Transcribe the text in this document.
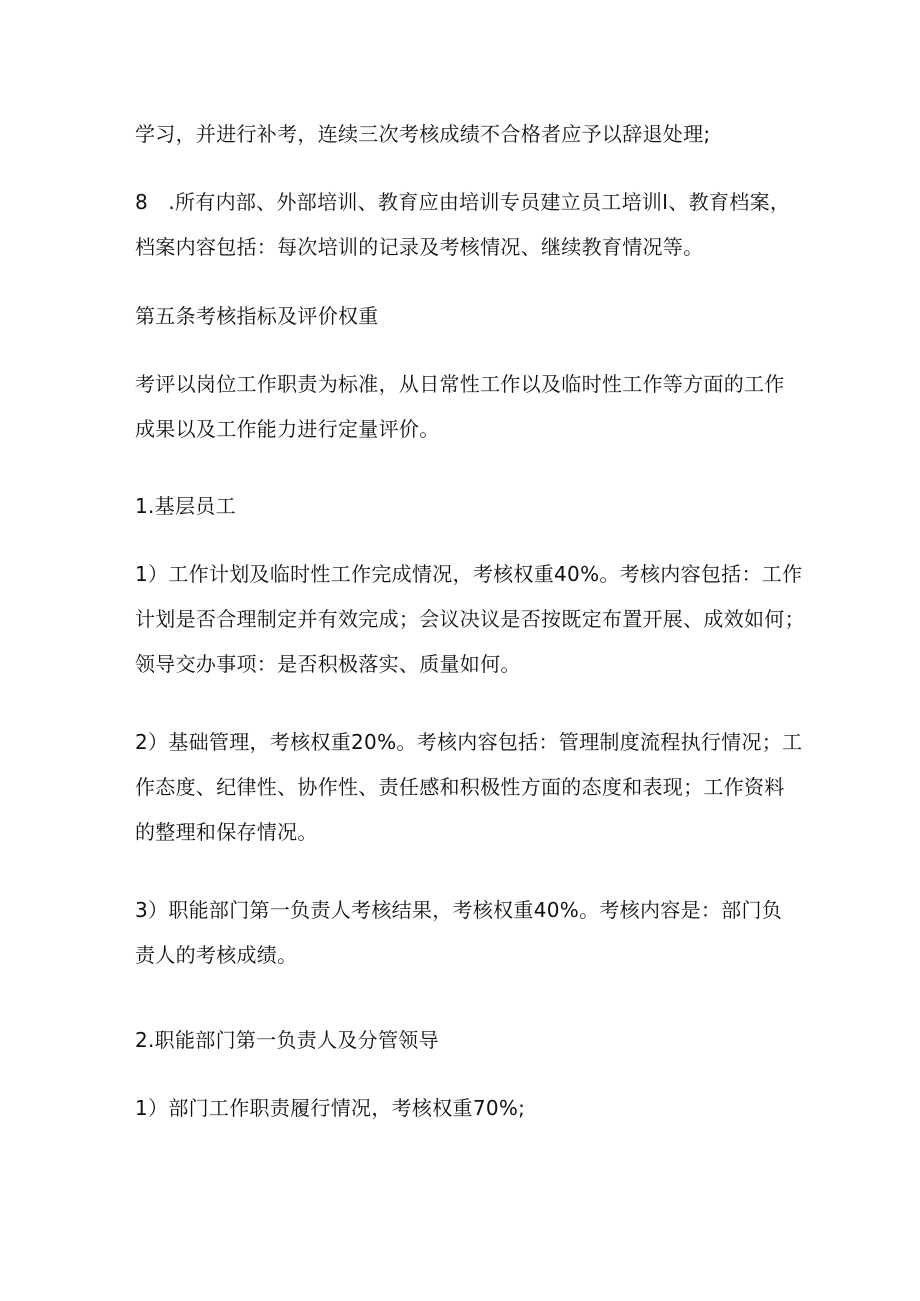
学习，并进行补考，连续三次考核成绩不合格者应予以辞退处理;

8　.所有内部、外部培训、教育应由培训专员建立员工培训I、教育档案，
档案内容包括：每次培训的记录及考核情况、继续教育情况等。

第五条考核指标及评价权重

考评以岗位工作职责为标准，从日常性工作以及临时性工作等方面的工作
成果以及工作能力进行定量评价。

1.基层员工

1）工作计划及临时性工作完成情况，考核权重40%。考核内容包括：工作
计划是否合理制定并有效完成；会议决议是否按既定布置开展、成效如何；
领导交办事项：是否积极落实、质量如何。

2）基础管理，考核权重20%。考核内容包括：管理制度流程执行情况；工
作态度、纪律性、协作性、责任感和积极性方面的态度和表现；工作资料
的整理和保存情况。

3）职能部门第一负责人考核结果，考核权重40%。考核内容是：部门负
责人的考核成绩。

2.职能部门第一负责人及分管领导

1）部门工作职责履行情况，考核权重70%;
